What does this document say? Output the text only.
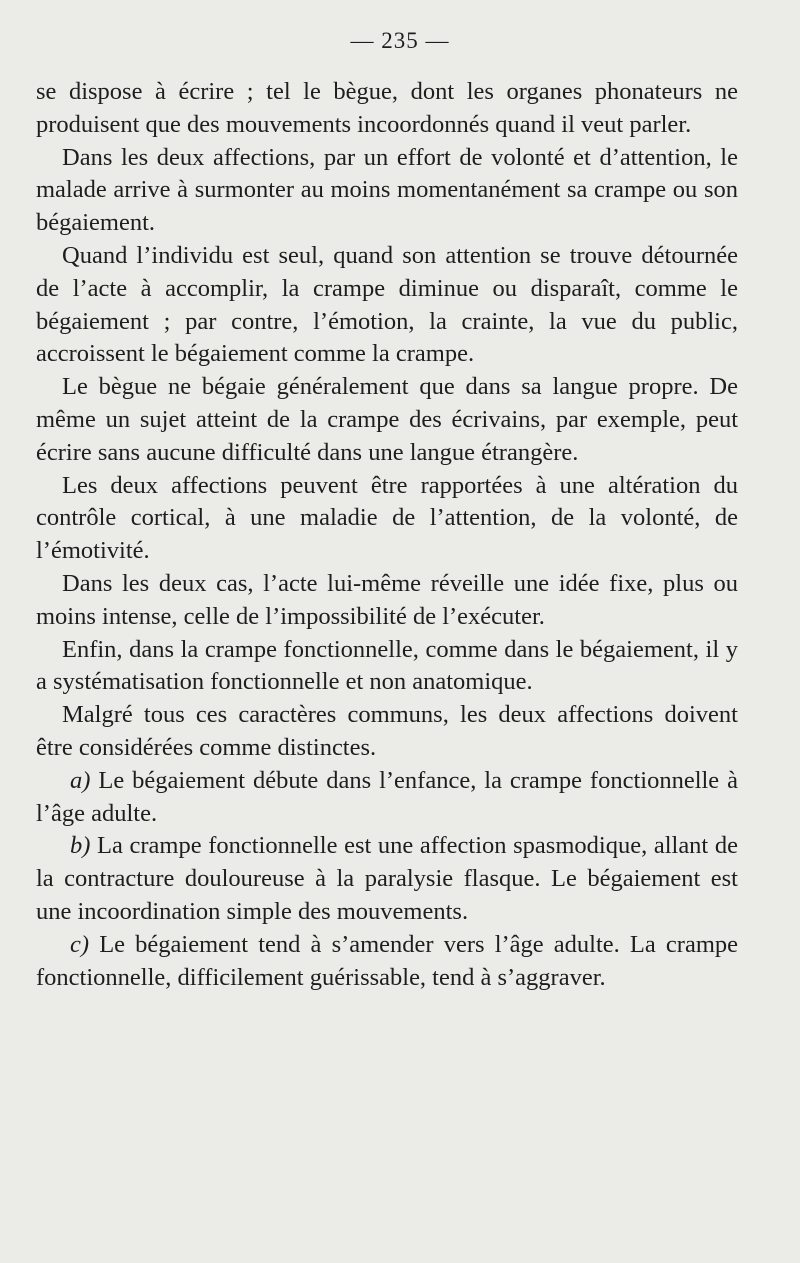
— 235 —

se dispose à écrire ; tel le bègue, dont les organes phonateurs ne produisent que des mouvements incoordonnés quand il veut parler.

Dans les deux affections, par un effort de volonté et d’attention, le malade arrive à surmonter au moins momentanément sa crampe ou son bégaiement.

Quand l’individu est seul, quand son attention se trouve détournée de l’acte à accomplir, la crampe diminue ou disparaît, comme le bégaiement ; par contre, l’émotion, la crainte, la vue du public, accroissent le bégaiement comme la crampe.

Le bègue ne bégaie généralement que dans sa langue propre. De même un sujet atteint de la crampe des écrivains, par exemple, peut écrire sans aucune difficulté dans une langue étrangère.

Les deux affections peuvent être rapportées à une altération du contrôle cortical, à une maladie de l’attention, de la volonté, de l’émotivité.

Dans les deux cas, l’acte lui-même réveille une idée fixe, plus ou moins intense, celle de l’impossibilité de l’exécuter.

Enfin, dans la crampe fonctionnelle, comme dans le bégaiement, il y a systématisation fonctionnelle et non anatomique.

Malgré tous ces caractères communs, les deux affections doivent être considérées comme distinctes.

a) Le bégaiement débute dans l’enfance, la crampe fonctionnelle à l’âge adulte.

b) La crampe fonctionnelle est une affection spasmodique, allant de la contracture douloureuse à la paralysie flasque. Le bégaiement est une incoordination simple des mouvements.

c) Le bégaiement tend à s’amender vers l’âge adulte. La crampe fonctionnelle, difficilement guérissable, tend à s’aggraver.
